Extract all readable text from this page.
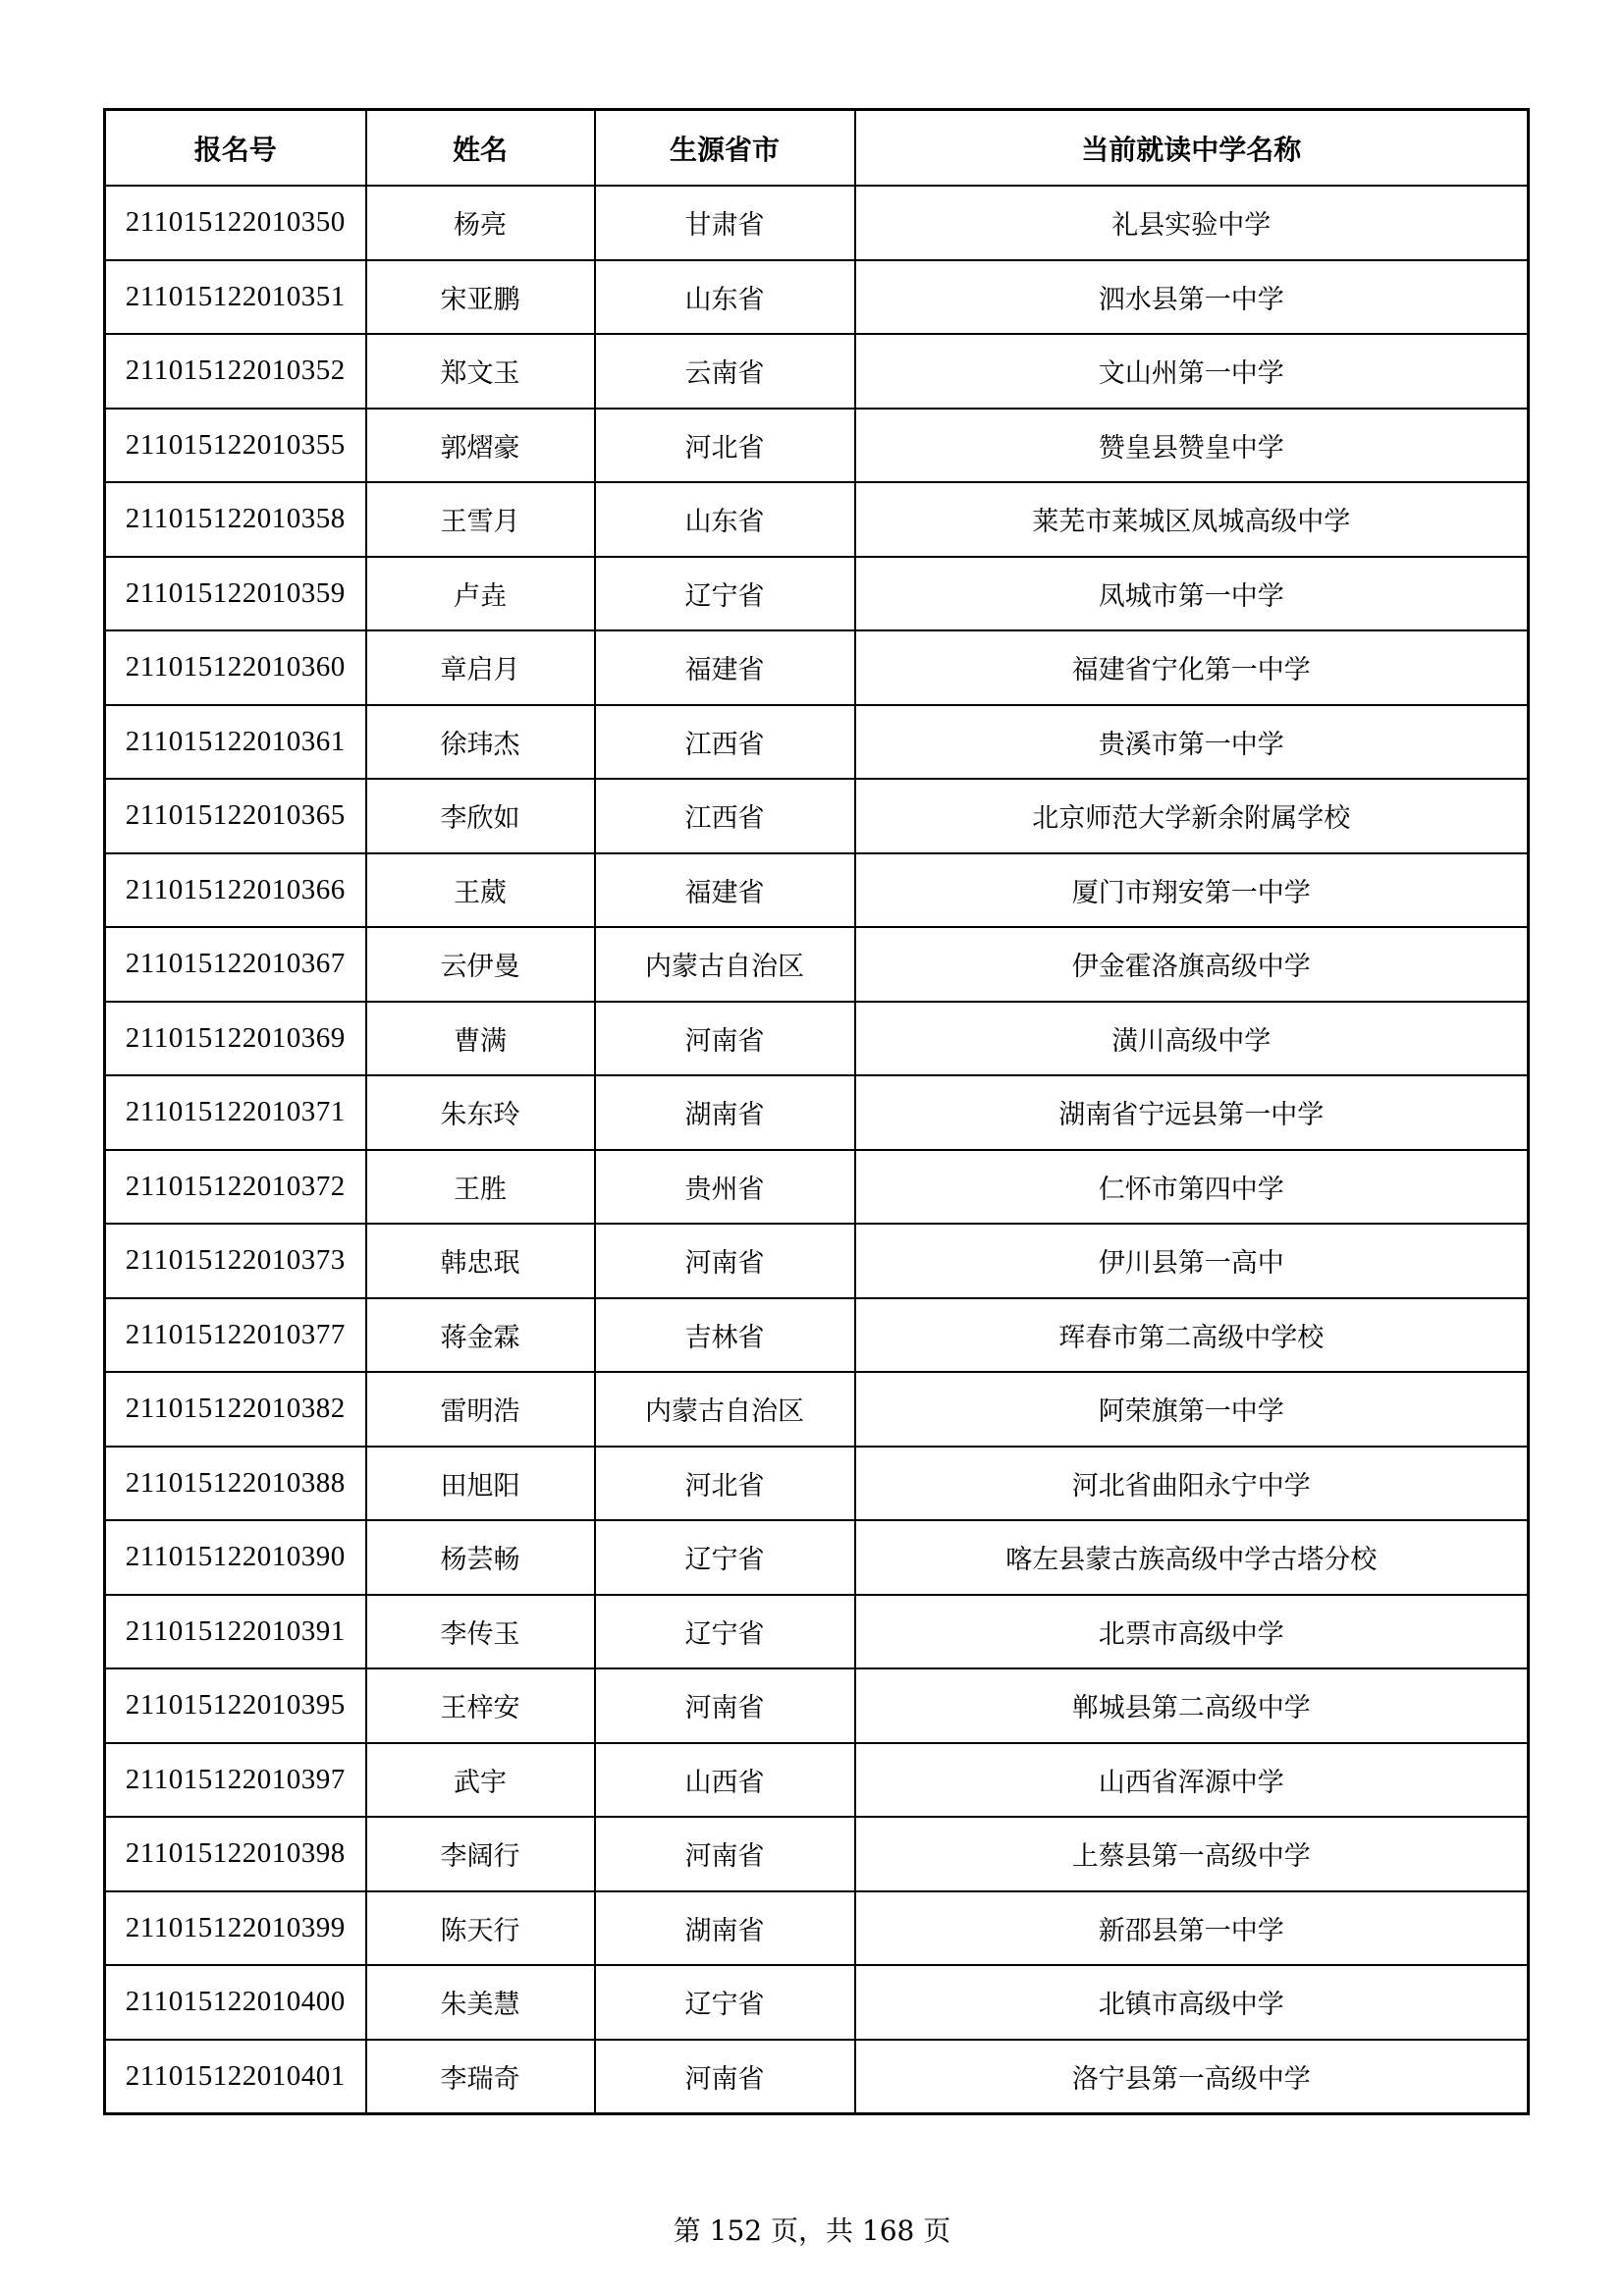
报名号	姓名	生源省市	当前就读中学名称
211015122010350	杨亮	甘肃省	礼县实验中学
211015122010351	宋亚鹏	山东省	泗水县第一中学
211015122010352	郑文玉	云南省	文山州第一中学
211015122010355	郭熠豪	河北省	赞皇县赞皇中学
211015122010358	王雪月	山东省	莱芜市莱城区凤城高级中学
211015122010359	卢垚	辽宁省	凤城市第一中学
211015122010360	章启月	福建省	福建省宁化第一中学
211015122010361	徐玮杰	江西省	贵溪市第一中学
211015122010365	李欣如	江西省	北京师范大学新余附属学校
211015122010366	王葳	福建省	厦门市翔安第一中学
211015122010367	云伊曼	内蒙古自治区	伊金霍洛旗高级中学
211015122010369	曹满	河南省	潢川高级中学
211015122010371	朱东玲	湖南省	湖南省宁远县第一中学
211015122010372	王胜	贵州省	仁怀市第四中学
211015122010373	韩忠珉	河南省	伊川县第一高中
211015122010377	蒋金霖	吉林省	珲春市第二高级中学校
211015122010382	雷明浩	内蒙古自治区	阿荣旗第一中学
211015122010388	田旭阳	河北省	河北省曲阳永宁中学
211015122010390	杨芸畅	辽宁省	喀左县蒙古族高级中学古塔分校
211015122010391	李传玉	辽宁省	北票市高级中学
211015122010395	王梓安	河南省	郸城县第二高级中学
211015122010397	武宇	山西省	山西省浑源中学
211015122010398	李阔行	河南省	上蔡县第一高级中学
211015122010399	陈天行	湖南省	新邵县第一中学
211015122010400	朱美慧	辽宁省	北镇市高级中学
211015122010401	李瑞奇	河南省	洛宁县第一高级中学
第 152 页，共 168 页
